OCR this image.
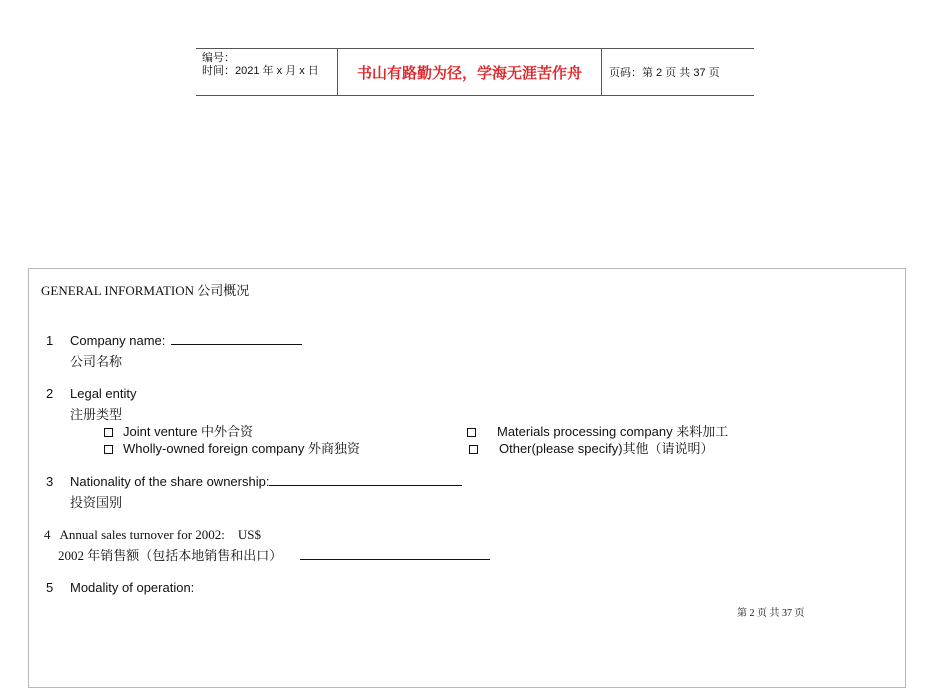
编号：
时间：2021 年 x 月 x 日	书山有路勤为径，学海无涯苦作舟	页码：第 2 页 共 37 页
GENERAL INFORMATION 公司概况
1 Company name:
公司名称
2 Legal entity
注册类型
Joint venture 中外合资
Wholly-owned foreign company 外商独资
Materials processing company 来料加工
Other(please specify)其他（请说明）
3 Nationality of the share ownership:
投资国别
4 Annual sales turnover for 2002: US$
2002 年销售额（包括本地销售和出口）
5 Modality of operation:
第 2 页 共 37 页
